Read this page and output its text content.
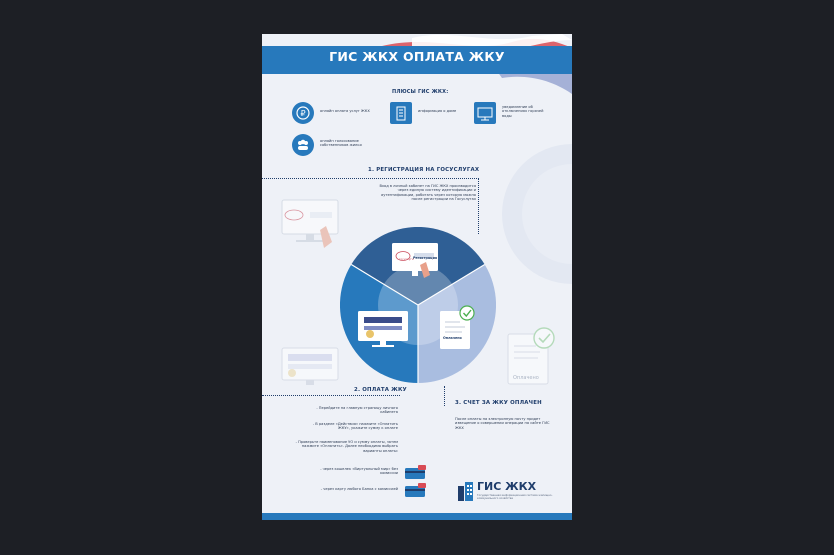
ГИС ЖКХ ОПЛАТА ЖКУ
ПЛЮСЫ ГИС ЖКХ:
₽	онлайн оплата услуг ЖКХ	информация о доме
уведомление об отключениях горячей воды
онлайн голосование собственников жилья
1. РЕГИСТРАЦИЯ НА ГОСУСЛУГАХ
Вход в личный кабинет на ГИС ЖКХ производится через единую систему идентификации и аутентификации, работать через которую можно после регистрации на Госуслугах
Регистрация
госуслуги
Оплачено
Оплачено
2. ОПЛАТА ЖКУ
- Перейдите на главную страницу личного кабинета
- В разделе «Действия» нажмите «Оплатить ЖКУ», укажите сумму к оплате
- Проверьте наименование УО и сумму оплаты, затем нажмите «Оплатить». Далее необходимо выбрать варианты оплаты:
- через кошелек «Виртуальный мир» без комиссии
- через карту любого Банка с комиссией
3. СЧЕТ ЗА ЖКУ ОПЛАЧЕН
После оплаты на электронную почту придет извещение о совершении операции на сайте ГИС ЖКХ
ГИС ЖКХ
Государственная информационная система жилищно-коммунального хозяйства
